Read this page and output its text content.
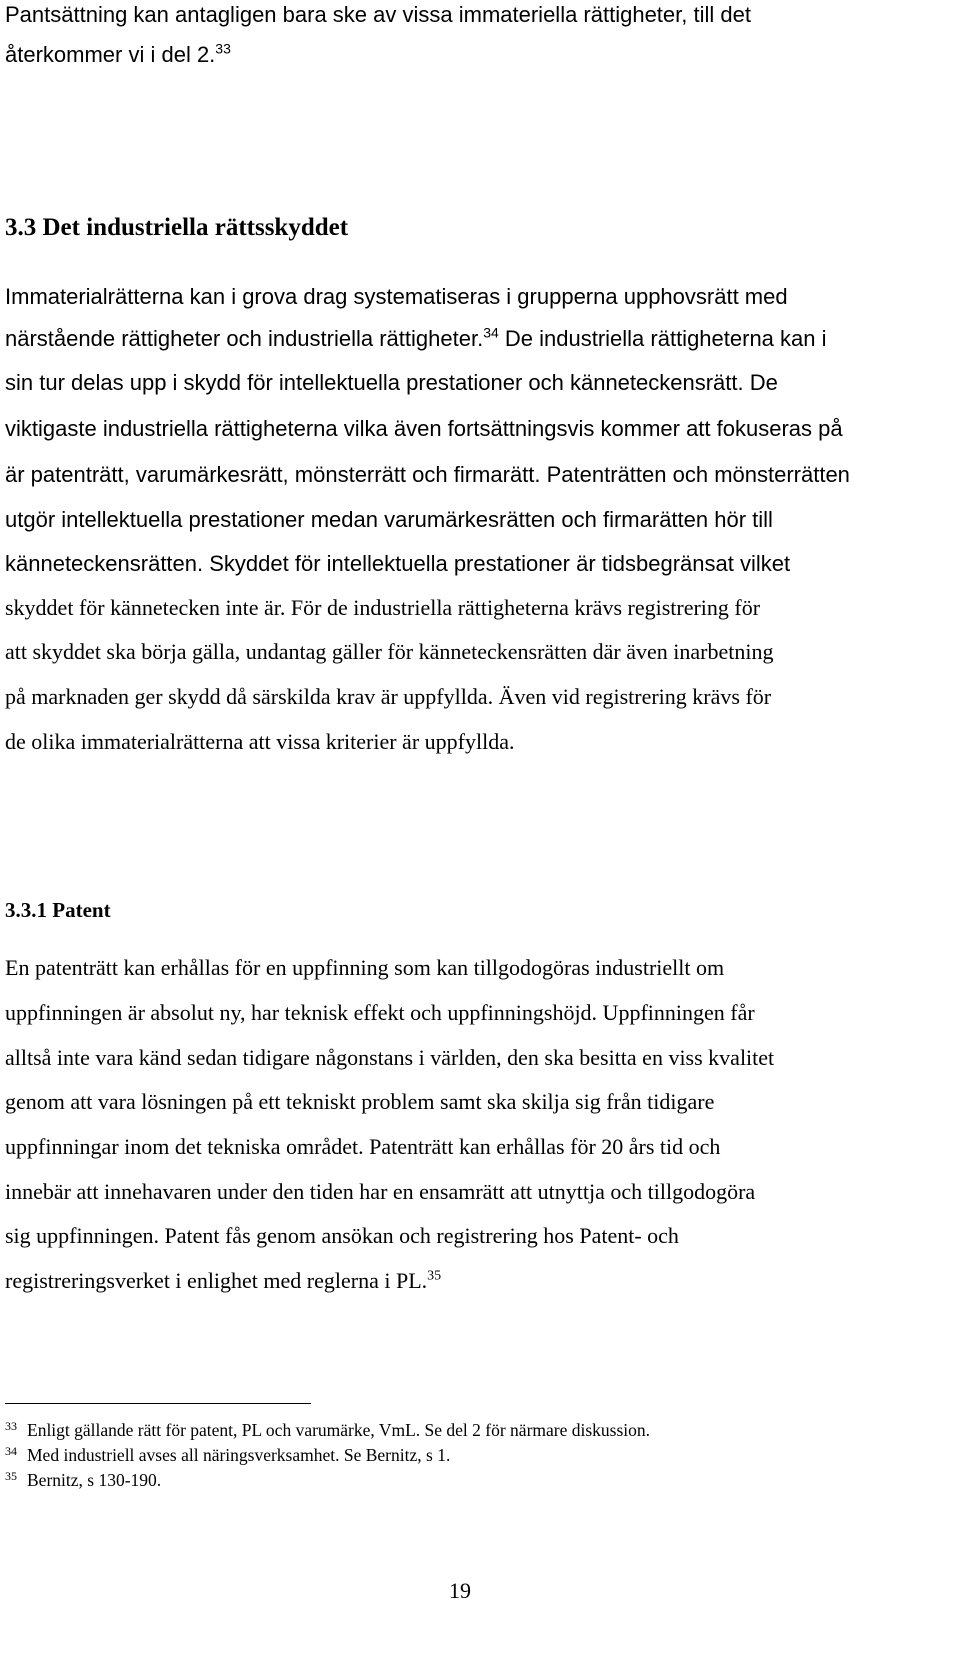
Pantsättning kan antagligen bara ske av vissa immateriella rättigheter, till det
återkommer vi i del 2.33
3.3 Det industriella rättsskyddet
Immaterialrätterna kan i grova drag systematiseras i grupperna upphovsrätt med
närstående rättigheter och industriella rättigheter.$^{34}$ De industriella rättigheterna kan i
sin tur delas upp i skydd för intellektuella prestationer och känneteckensrätt. De
viktigaste industriella rättigheterna vilka även fortsättningsvis kommer att fokuseras på
är patenträtt, varumärkesrätt, mönsterrätt och firmarätt. Patenträtten och mönsterrätten
utgör intellektuella prestationer medan varumärkesrätten och firmarätten hör till
känneteckensrätten. Skyddet för intellektuella prestationer är tidsbegränsat vilket
skyddet för kännetecken inte är. För de industriella rättigheterna krävs registrering för
att skyddet ska börja gälla, undantag gäller för känneteckensrätten där även inarbetning
på marknaden ger skydd då särskilda krav är uppfyllda. Även vid registrering krävs för
de olika immaterialrätterna att vissa kriterier är uppfyllda.
3.3.1 Patent
En patenträtt kan erhållas för en uppfinning som kan tillgodogöras industriellt om
uppfinningen är absolut ny, har teknisk effekt och uppfinningshöjd. Uppfinningen får
alltså inte vara känd sedan tidigare någonstans i världen, den ska besitta en viss kvalitet
genom att vara lösningen på ett tekniskt problem samt ska skilja sig från tidigare
uppfinningar inom det tekniska området. Patenträtt kan erhållas för 20 års tid och
innebär att innehavaren under den tiden har en ensamrätt att utnyttja och tillgodogöra
sig uppfinningen. Patent fås genom ansökan och registrering hos Patent- och
registreringsverket i enlighet med reglerna i PL.$^{35}$
33 Enligt gällande rätt för patent, PL och varumärke, VmL. Se del 2 för närmare diskussion.
34 Med industriell avses all näringsverksamhet. Se Bernitz, s 1.
35 Bernitz, s 130-190.
19
